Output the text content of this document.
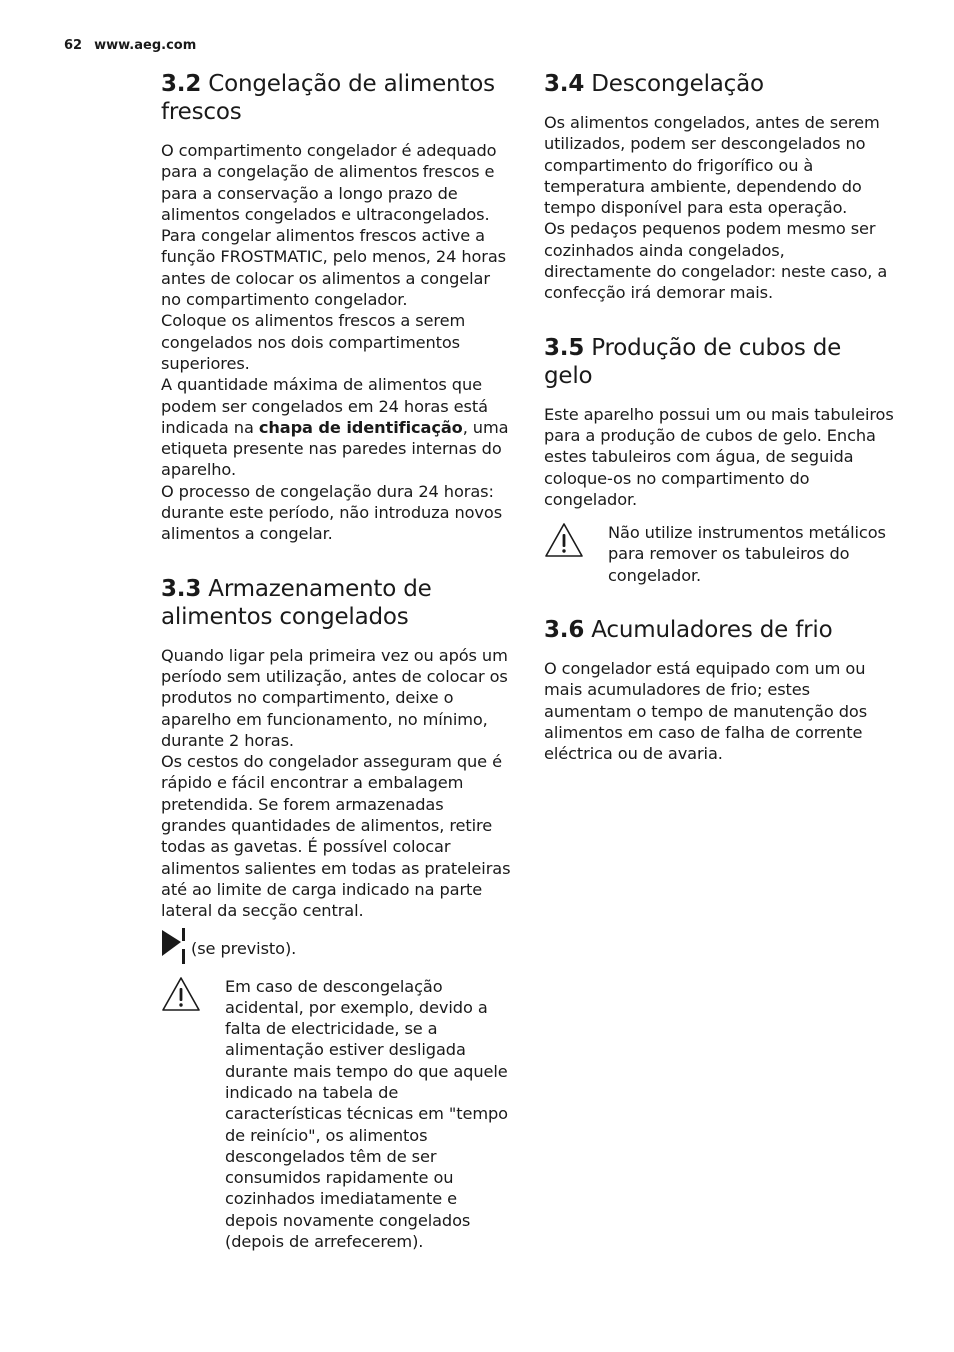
62 www.aeg.com
3.2 Congelação de alimentos frescos

O compartimento congelador é adequado para a congelação de alimentos frescos e para a conservação a longo prazo de alimentos congelados e ultracongelados.

Para congelar alimentos frescos active a função FROSTMATIC, pelo menos, 24 horas antes de colocar os alimentos a congelar no compartimento congelador.

Coloque os alimentos frescos a serem congelados nos dois compartimentos superiores.

A quantidade máxima de alimentos que podem ser congelados em 24 horas está indicada na chapa de identificação, uma etiqueta presente nas paredes internas do aparelho.

O processo de congelação dura 24 horas: durante este período, não introduza novos alimentos a congelar.

3.3 Armazenamento de alimentos congelados

Quando ligar pela primeira vez ou após um período sem utilização, antes de colocar os produtos no compartimento, deixe o aparelho em funcionamento, no mínimo, durante 2 horas.

Os cestos do congelador asseguram que é rápido e fácil encontrar a embalagem pretendida. Se forem armazenadas grandes quantidades de alimentos, retire todas as gavetas. É possível colocar alimentos salientes em todas as prateleiras até ao limite de carga indicado na parte lateral da secção central.

(se previsto).

Em caso de descongelação acidental, por exemplo, devido a falta de electricidade, se a alimentação estiver desligada durante mais tempo do que aquele indicado na tabela de características técnicas em "tempo de reinício", os alimentos descongelados têm de ser consumidos rapidamente ou cozinhados imediatamente e depois novamente congelados (depois de arrefecerem).

3.4 Descongelação

Os alimentos congelados, antes de serem utilizados, podem ser descongelados no compartimento do frigorífico ou à temperatura ambiente, dependendo do tempo disponível para esta operação.

Os pedaços pequenos podem mesmo ser cozinhados ainda congelados, directamente do congelador: neste caso, a confecção irá demorar mais.

3.5 Produção de cubos de gelo

Este aparelho possui um ou mais tabuleiros para a produção de cubos de gelo. Encha estes tabuleiros com água, de seguida coloque-os no compartimento do congelador.

Não utilize instrumentos metálicos para remover os tabuleiros do congelador.

3.6 Acumuladores de frio

O congelador está equipado com um ou mais acumuladores de frio; estes aumentam o tempo de manutenção dos alimentos em caso de falha de corrente eléctrica ou de avaria.
